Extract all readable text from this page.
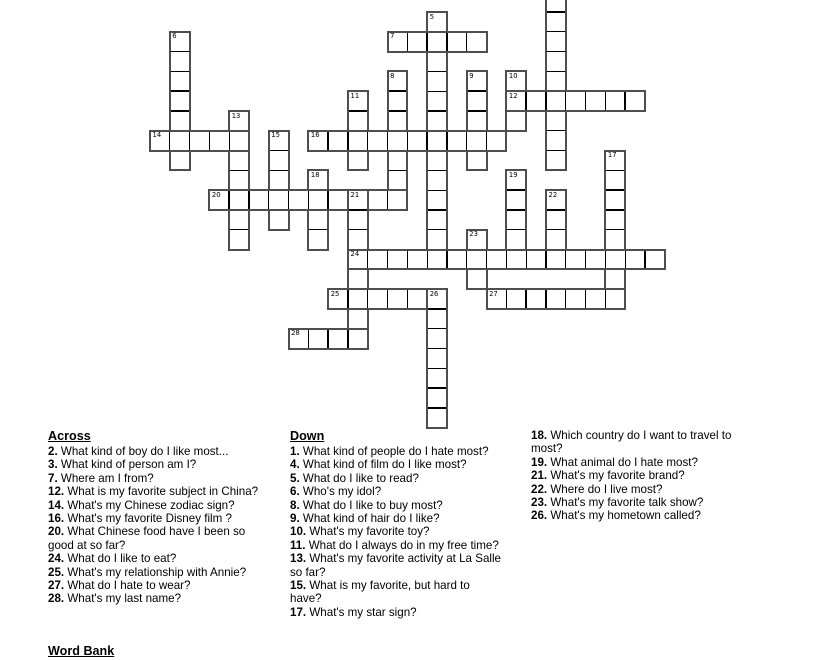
5
6	7
8	9	10
11	12
13
14	15	16
17
18	19
20	21	22
23
24
25	26	27
28
Across
2. What kind of boy do I like most...
3. What kind of person am I?
7. Where am I from?
12. What is my favorite subject in China?
14. What's my Chinese zodiac sign?
16. What's my favorite Disney film ?
20. What Chinese food have I been so good at so far?
24. What do I like to eat?
25. What's my relationship with Annie?
27. What do I hate to wear?
28. What's my last name?
Down
1. What kind of people do I hate most?
4. What kind of film do I like most?
5. What do I like to read?
6. Who's my idol?
8. What do I like to buy most?
9. What kind of hair do I like?
10. What's my favorite toy?
11. What do I always do in my free time?
13. What's my favorite activity at La Salle so far?
15. What is my favorite, but hard to have?
17. What's my star sign?
18. Which country do I want to travel to most?
19. What animal do I hate most?
21. What's my favorite brand?
22. Where do I live most?
23. What's my favorite talk show?
26. What's my hometown called?
Word Bank
